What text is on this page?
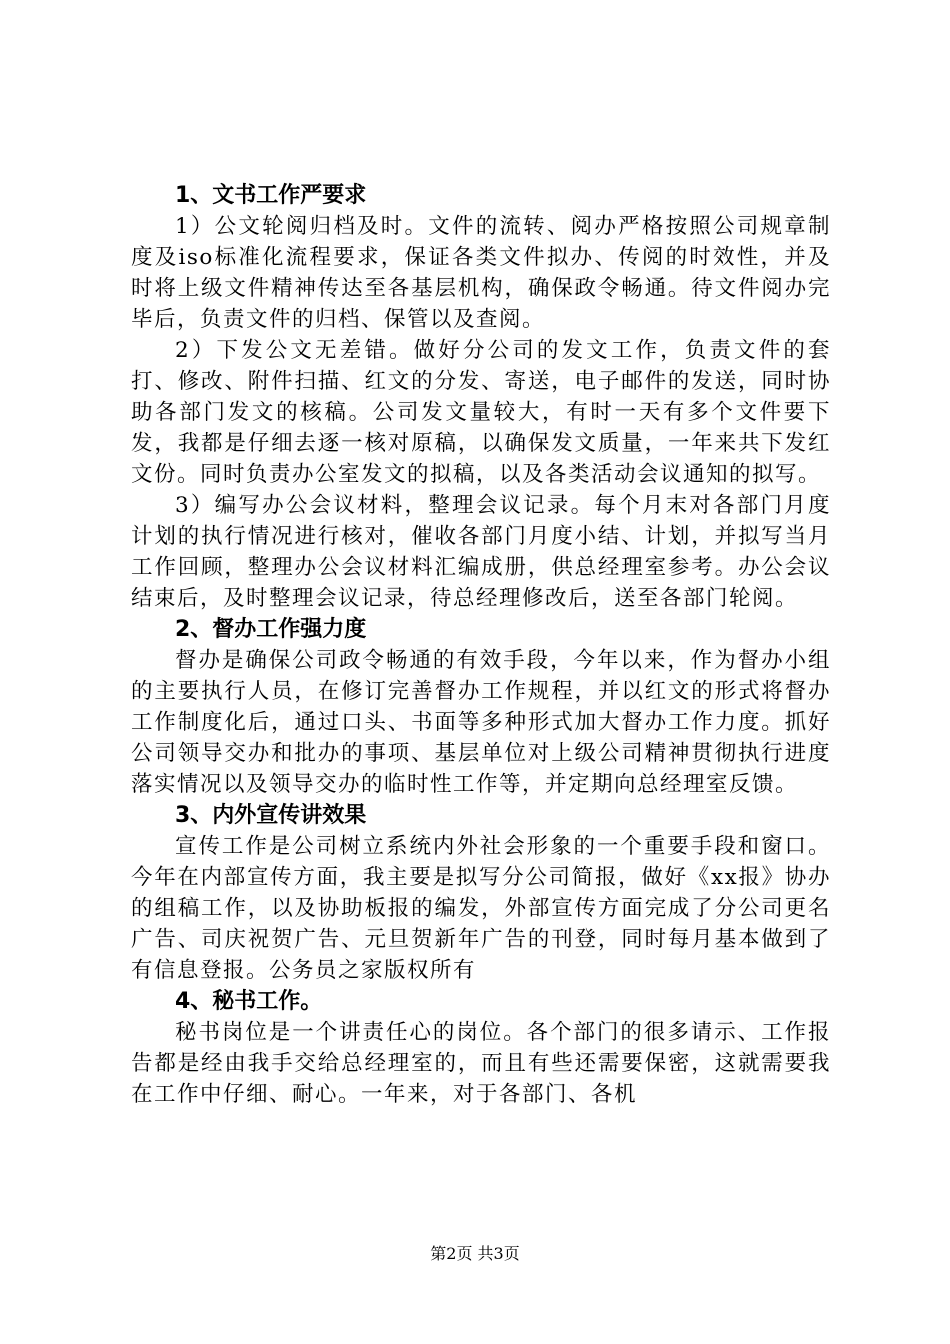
1、文书工作严要求
1）公文轮阅归档及时。文件的流转、阅办严格按照公司规章制度及iso标准化流程要求，保证各类文件拟办、传阅的时效性，并及时将上级文件精神传达至各基层机构，确保政令畅通。待文件阅办完毕后，负责文件的归档、保管以及查阅。
2）下发公文无差错。做好分公司的发文工作，负责文件的套打、修改、附件扫描、红文的分发、寄送，电子邮件的发送，同时协助各部门发文的核稿。公司发文量较大，有时一天有多个文件要下发，我都是仔细去逐一核对原稿，以确保发文质量，一年来共下发红文份。同时负责办公室发文的拟稿，以及各类活动会议通知的拟写。
3）编写办公会议材料，整理会议记录。每个月末对各部门月度计划的执行情况进行核对，催收各部门月度小结、计划，并拟写当月工作回顾，整理办公会议材料汇编成册，供总经理室参考。办公会议结束后，及时整理会议记录，待总经理修改后，送至各部门轮阅。
2、督办工作强力度
督办是确保公司政令畅通的有效手段，今年以来，作为督办小组的主要执行人员，在修订完善督办工作规程，并以红文的形式将督办工作制度化后，通过口头、书面等多种形式加大督办工作力度。抓好公司领导交办和批办的事项、基层单位对上级公司精神贯彻执行进度落实情况以及领导交办的临时性工作等，并定期向总经理室反馈。
3、内外宣传讲效果
宣传工作是公司树立系统内外社会形象的一个重要手段和窗口。今年在内部宣传方面，我主要是拟写分公司简报，做好《xx报》协办的组稿工作，以及协助板报的编发，外部宣传方面完成了分公司更名广告、司庆祝贺广告、元旦贺新年广告的刊登，同时每月基本做到了有信息登报。公务员之家版权所有
4、秘书工作。
秘书岗位是一个讲责任心的岗位。各个部门的很多请示、工作报告都是经由我手交给总经理室的，而且有些还需要保密，这就需要我在工作中仔细、耐心。一年来，对于各部门、各机
第2页 共3页
